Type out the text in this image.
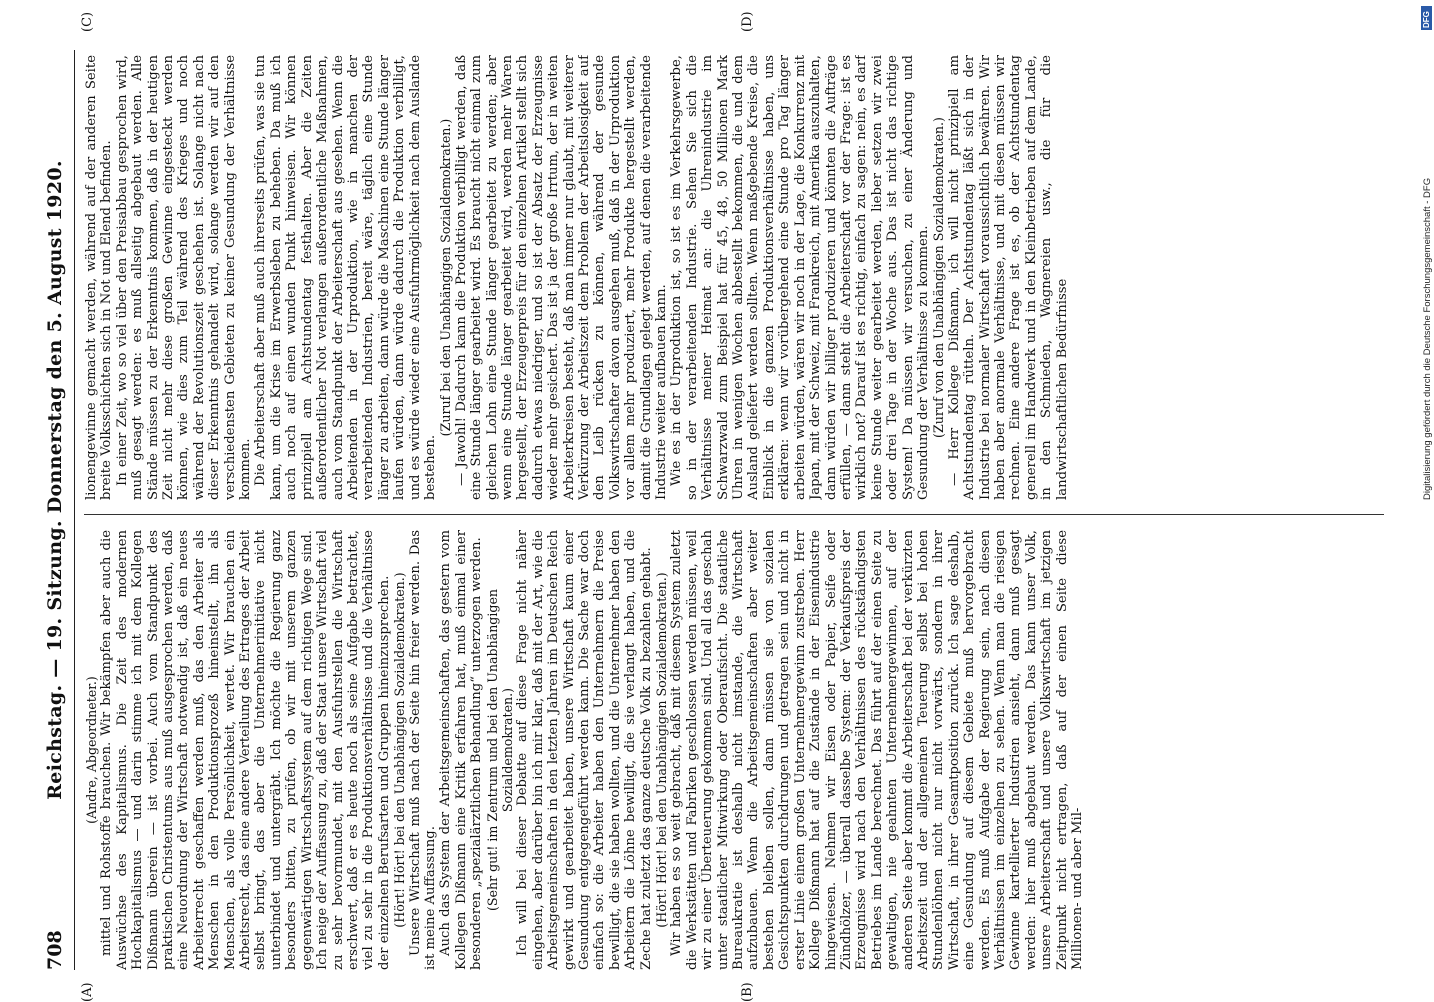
708
Reichstag. — 19. Sitzung. Donnerstag den 5. August 1920.
(A)	(B)
(C)	(D)

(Andre, Abgeordneter.) mittel und Rohstoffe brauchen. Wir bekämpfen aber auch die Auswüchse des Kapitalismus. Die Zeit des modernen Hochkapitalismus — und darin stimme ich mit dem Kollegen Dißmann überein — ist vorbei. Auch vom Standpunkt des praktischen Christentums aus muß ausgesprochen werden, daß eine Neuordnung der Wirtschaft notwendig ist, daß ein neues Arbeiterrecht geschaffen werden muß, das den Arbeiter als Menschen in den Produktionsprozeß hineinstellt, ihn als Menschen, als volle Persönlichkeit, wertet. Wir brauchen ein Arbeitsrecht, das eine andere Verteilung des Ertrages der Arbeit selbst bringt, das aber die Unternehmerinitiative nicht unterbindet und untergräbt. Ich möchte die Regierung ganz besonders bitten, zu prüfen, ob wir mit unserem ganzen gegenwärtigen Wirtschaftssystem auf dem richtigen Wege sind. Ich neige der Auffassung zu, daß der Staat unsere Wirtschaft viel zu sehr bevormundet, mit den Ausfuhrstellen die Wirtschaft erschwert, daß er es heute noch als seine Aufgabe betrachtet, viel zu sehr in die Produktionsverhältnisse und die Verhältnisse der einzelnen Berufsarten und Gruppen hineinzusprechen. (Hört! Hört! bei den Unabhängigen Sozialdemokraten.) Unsere Wirtschaft muß nach der Seite hin freier werden. Das ist meine Auffassung. Auch das System der Arbeitsgemeinschaften, das gestern vom Kollegen Dißmann eine Kritik erfahren hat, muß einmal einer besonderen „spezialärztlichen Behandlung“ unterzogen werden. (Sehr gut! im Zentrum und bei den Unabhängigen Sozialdemokraten.) Ich will bei dieser Debatte auf diese Frage nicht näher eingehen, aber darüber bin ich mir klar, daß mit der Art, wie die Arbeitsgemeinschaften in den letzten Jahren im Deutschen Reich gewirkt und gearbeitet haben, unsere Wirtschaft kaum einer Gesundung entgegengeführt werden kann. Die Sache war doch einfach so: die Arbeiter haben den Unternehmern die Preise bewilligt, die sie haben wollten, und die Unternehmer haben den Arbeitern die Löhne bewilligt, die sie verlangt haben, und die Zeche hat zuletzt das ganze deutsche Volk zu bezahlen gehabt. (Hört! Hört! bei den Unabhängigen Sozialdemokraten.) Wir haben es so weit gebracht, daß mit diesem System zuletzt die Werkstätten und Fabriken geschlossen werden müssen, weil wir zu einer Überteuerung gekommen sind. Und all das geschah unter staatlicher Mitwirkung oder Oberaufsicht. Die staatliche Bureaukratie ist deshalb nicht imstande, die Wirtschaft aufzubauen. Wenn die Arbeitsgemeinschaften aber weiter bestehen bleiben sollen, dann müssen sie von sozialen Gesichtspunkten durchdrungen und getragen sein und nicht in erster Linie einem großen Unternehmergewinn zustreben. Herr Kollege Dißmann hat auf die Zustände in der Eisenindustrie hingewiesen. Nehmen wir Eisen oder Papier, Seife oder Zündhölzer, — überall dasselbe System: der Verkaufspreis der Erzeugnisse wird nach den Verhältnissen des rückständigsten Betriebes im Lande berechnet. Das führt auf der einen Seite zu gewaltigen, nie geahnten Unternehmergewinnen, auf der anderen Seite aber kommt die Arbeiterschaft bei der verkürzten Arbeitszeit und der allgemeinen Teuerung selbst bei hohen Stundenlöhnen nicht nur nicht vorwärts, sondern in ihrer Wirtschaft, in ihrer Gesamtposition zurück. Ich sage deshalb, eine Gesundung auf diesem Gebiete muß hervorgebracht werden. Es muß Aufgabe der Regierung sein, nach diesen Verhältnissen im einzelnen zu sehen. Wenn man die riesigen Gewinne kartellierter Industrien ansieht, dann muß gesagt werden: hier muß abgebaut werden. Das kann unser Volk, unsere Arbeiterschaft und unsere Volkswirtschaft im jetzigen Zeitpunkt nicht ertragen, daß auf der einen Seite diese Millionen- und aber Mil-

lionengewinne gemacht werden, während auf der anderen Seite breite Volksschichten sich in Not und Elend befinden. In einer Zeit, wo so viel über den Preisabbau gesprochen wird, muß gesagt werden: es muß allseitig abgebaut werden. Alle Stände müssen zu der Erkenntnis kommen, daß in der heutigen Zeit nicht mehr diese großen Gewinne eingesteckt werden können, wie dies zum Teil während des Krieges und noch während der Revolutionszeit geschehen ist. Solange nicht nach dieser Erkenntnis gehandelt wird, solange werden wir auf den verschiedensten Gebieten zu keiner Gesundung der Verhältnisse kommen. Die Arbeiterschaft aber muß auch ihrerseits prüfen, was sie tun kann, um die Krise im Erwerbsleben zu beheben. Da muß ich auch noch auf einen wunden Punkt hinweisen. Wir können prinzipiell am Achtstundentag festhalten. Aber die Zeiten außerordentlicher Not verlangen außerordentliche Maßnahmen, auch vom Standpunkt der Arbeiterschaft aus gesehen. Wenn die Arbeitenden in der Urproduktion, wie in manchen der verarbeitenden Industrien, bereit wäre, täglich eine Stunde länger zu arbeiten, dann würde die Maschinen eine Stunde länger laufen würden, dann würde dadurch die Produktion verbilligt, und es würde wieder eine Ausfuhrmöglichkeit nach dem Auslande bestehen.

(Zuruf bei den Unabhängigen Sozialdemokraten.) — Jawohl! Dadurch kann die Produktion verbilligt werden, daß eine Stunde länger gearbeitet wird. Es braucht nicht einmal zum gleichen Lohn eine Stunde länger gearbeitet zu werden; aber wenn eine Stunde länger gearbeitet wird, werden mehr Waren hergestellt, der Erzeugerpreis für den einzelnen Artikel stellt sich dadurch etwas niedriger, und so ist der Absatz der Erzeugnisse wieder mehr gesichert. Das ist ja der große Irrtum, der in weiten Arbeiterkreisen besteht, daß man immer nur glaubt, mit weiterer Verkürzung der Arbeitszeit dem Problem der Arbeitslosigkeit auf den Leib rücken zu können, während der gesunde Volkswirtschafter davon ausgehen muß, daß in der Urproduktion vor allem mehr produziert, mehr Produkte hergestellt werden, damit die Grundlagen gelegt werden, auf denen die verarbeitende Industrie weiter aufbauen kann. Wie es in der Urproduktion ist, so ist es im Verkehrsgewerbe, so in der verarbeitenden Industrie. Sehen Sie sich die Verhältnisse meiner Heimat an: die Uhrenindustrie im Schwarzwald zum Beispiel hat für 45, 48, 50 Millionen Mark Uhren in wenigen Wochen abbestellt bekommen, die und dem Ausland geliefert werden sollten. Wenn maßgebende Kreise, die Einblick in die ganzen Produktionsverhältnisse haben, uns erklären: wenn wir vorübergehend eine Stunde pro Tag länger arbeiten würden, wären wir noch in der Lage, die Konkurrenz mit Japan, mit der Schweiz, mit Frankreich, mit Amerika auszuhalten, dann würden wir billiger produzieren und könnten die Aufträge erfüllen, — dann steht die Arbeiterschaft vor der Frage: ist es wirklich not? Darauf ist es richtig, einfach zu sagen: nein, es darf keine Stunde weiter gearbeitet werden, lieber setzen wir zwei oder drei Tage in der Woche aus. Das ist nicht das richtige System! Da müssen wir versuchen, zu einer Änderung und Gesundung der Verhältnisse zu kommen. (Zuruf von den Unabhängigen Sozialdemokraten.) — Herr Kollege Dißmann, ich will nicht prinzipiell am Achtstundentag rütteln. Der Achtstundentag läßt sich in der Industrie bei normaler Wirtschaft voraussichtlich bewähren. Wir haben aber anormale Verhältnisse, und mit diesen müssen wir rechnen. Eine andere Frage ist es, ob der Achtstundentag generell im Handwerk und in den Kleinbetrieben auf dem Lande, in den Schmieden, Wagnereien usw., die für die landwirtschaftlichen Bedürfnisse	Digitalisierung gefördert durch die Deutsche Forschungsgemeinschaft - DFG
DFG
